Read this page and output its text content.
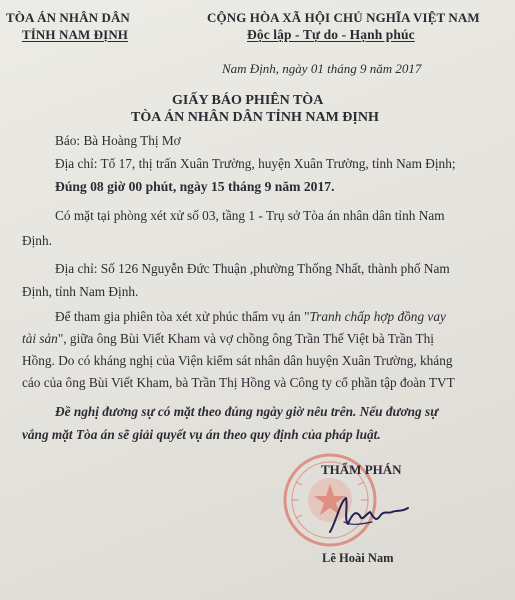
TÒA ÁN NHÂN DÂN
TỈNH NAM ĐỊNH
CỘNG HÒA XÃ HỘI CHỦ NGHĨA VIỆT NAM
Độc lập - Tự do - Hạnh phúc
Nam Định, ngày 01 tháng 9 năm 2017
GIẤY BÁO PHIÊN TÒA
TÒA ÁN NHÂN DÂN TỈNH NAM ĐỊNH
Báo: Bà Hoàng Thị Mơ
Địa chỉ: Tổ 17, thị trấn Xuân Trường, huyện Xuân Trường, tỉnh Nam Định;
Đúng 08 giờ 00 phút, ngày 15 tháng 9 năm 2017.
Có mặt tại phòng xét xử số 03, tầng 1 - Trụ sở Tòa án nhân dân tỉnh Nam
Định.
Địa chỉ: Số 126 Nguyễn Đức Thuận ,phường Thống Nhất, thành phố Nam
Định, tỉnh Nam Định.
Để tham gia phiên tòa xét xử phúc thẩm vụ án "Tranh chấp hợp đồng vay
tài sản", giữa ông Bùi Viết Kham và vợ chồng ông Trần Thế Việt bà Trần Thị
Hồng. Do có kháng nghị của Viện kiểm sát nhân dân huyện Xuân Trường, kháng
cáo của ông Bùi Viết Kham, bà Trần Thị Hồng và Công ty cổ phần tập đoàn TVT
Đề nghị đương sự có mặt theo đúng ngày giờ nêu trên. Nếu đương sự
vắng mặt Tòa án sẽ giải quyết vụ án theo quy định của pháp luật.
THẨM PHÁN
Lê Hoài Nam
